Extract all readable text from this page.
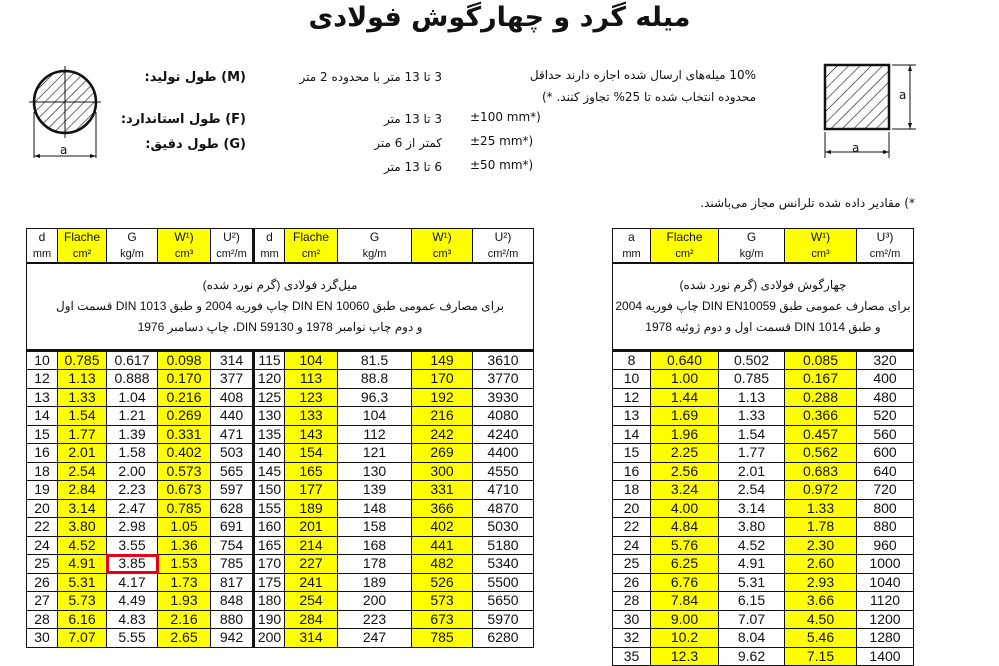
میله گرد و چهارگوش فولادی
a
a
a
(M) طول تولید:	3 تا 13 متر با محدوده 2 متر
(F) طول استاندارد:	3 تا 13 متر ±100 mm*)
(G) طول دقیق:	کمتر از 6 متر ±25 mm*)
6 تا 13 متر ±50 mm*)
10% میله‌های ارسال شده اجازه دارند حداقل
محدوده انتخاب شده تا 25% تجاوز کنند. *)
*) مقادیر داده شده تلرانس مجاز می‌باشند.
d	Flache	G	W¹)	U²)	d	Flache	G	W¹)	U²)
mm	cm²	kg/m	cm³	cm²/m	mm	cm²	kg/m	cm³	cm²/m

میل‌گرد فولادی (گرم نورد شده)
برای مصارف عمومی طبق DIN EN 10060 چاپ فوریه 2004 و طبق DIN 1013 قسمت اول
و دوم چاپ نوامبر 1978 و DIN 59130، چاپ دسامبر 1976									

10	0.785	0.617	0.098	314	115	104	81.5	149	3610
12	1.13	0.888	0.170	377	120	113	88.8	170	3770
13	1.33	1.04	0.216	408	125	123	96.3	192	3930
14	1.54	1.21	0.269	440	130	133	104	216	4080
15	1.77	1.39	0.331	471	135	143	112	242	4240
16	2.01	1.58	0.402	503	140	154	121	269	4400
18	2.54	2.00	0.573	565	145	165	130	300	4550
19	2.84	2.23	0.673	597	150	177	139	331	4710
20	3.14	2.47	0.785	628	155	189	148	366	4870
22	3.80	2.98	1.05	691	160	201	158	402	5030
24	4.52	3.55	1.36	754	165	214	168	441	5180
25	4.91	3.85	1.53	785	170	227	178	482	5340
26	5.31	4.17	1.73	817	175	241	189	526	5500
27	5.73	4.49	1.93	848	180	254	200	573	5650
28	6.16	4.83	2.16	880	190	284	223	673	5970
30	7.07	5.55	2.65	942	200	314	247	785	6280
a	Flache	G	W¹)	U³)
mm	cm²	kg/m	cm³	cm²/m

چهارگوش فولادی (گرم نورد شده)
برای مصارف عمومی طبق DIN EN10059 چاپ فوریه 2004
و طبق DIN 1014 قسمت اول و دوم ژوئیه 1978				

8	0.640	0.502	0.085	320
10	1.00	0.785	0.167	400
12	1.44	1.13	0.288	480
13	1.69	1.33	0.366	520
14	1.96	1.54	0.457	560
15	2.25	1.77	0.562	600
16	2.56	2.01	0.683	640
18	3.24	2.54	0.972	720
20	4.00	3.14	1.33	800
22	4.84	3.80	1.78	880
24	5.76	4.52	2.30	960
25	6.25	4.91	2.60	1000
26	6.76	5.31	2.93	1040
28	7.84	6.15	3.66	1120
30	9.00	7.07	4.50	1200
32	10.2	8.04	5.46	1280
35	12.3	9.62	7.15	1400
